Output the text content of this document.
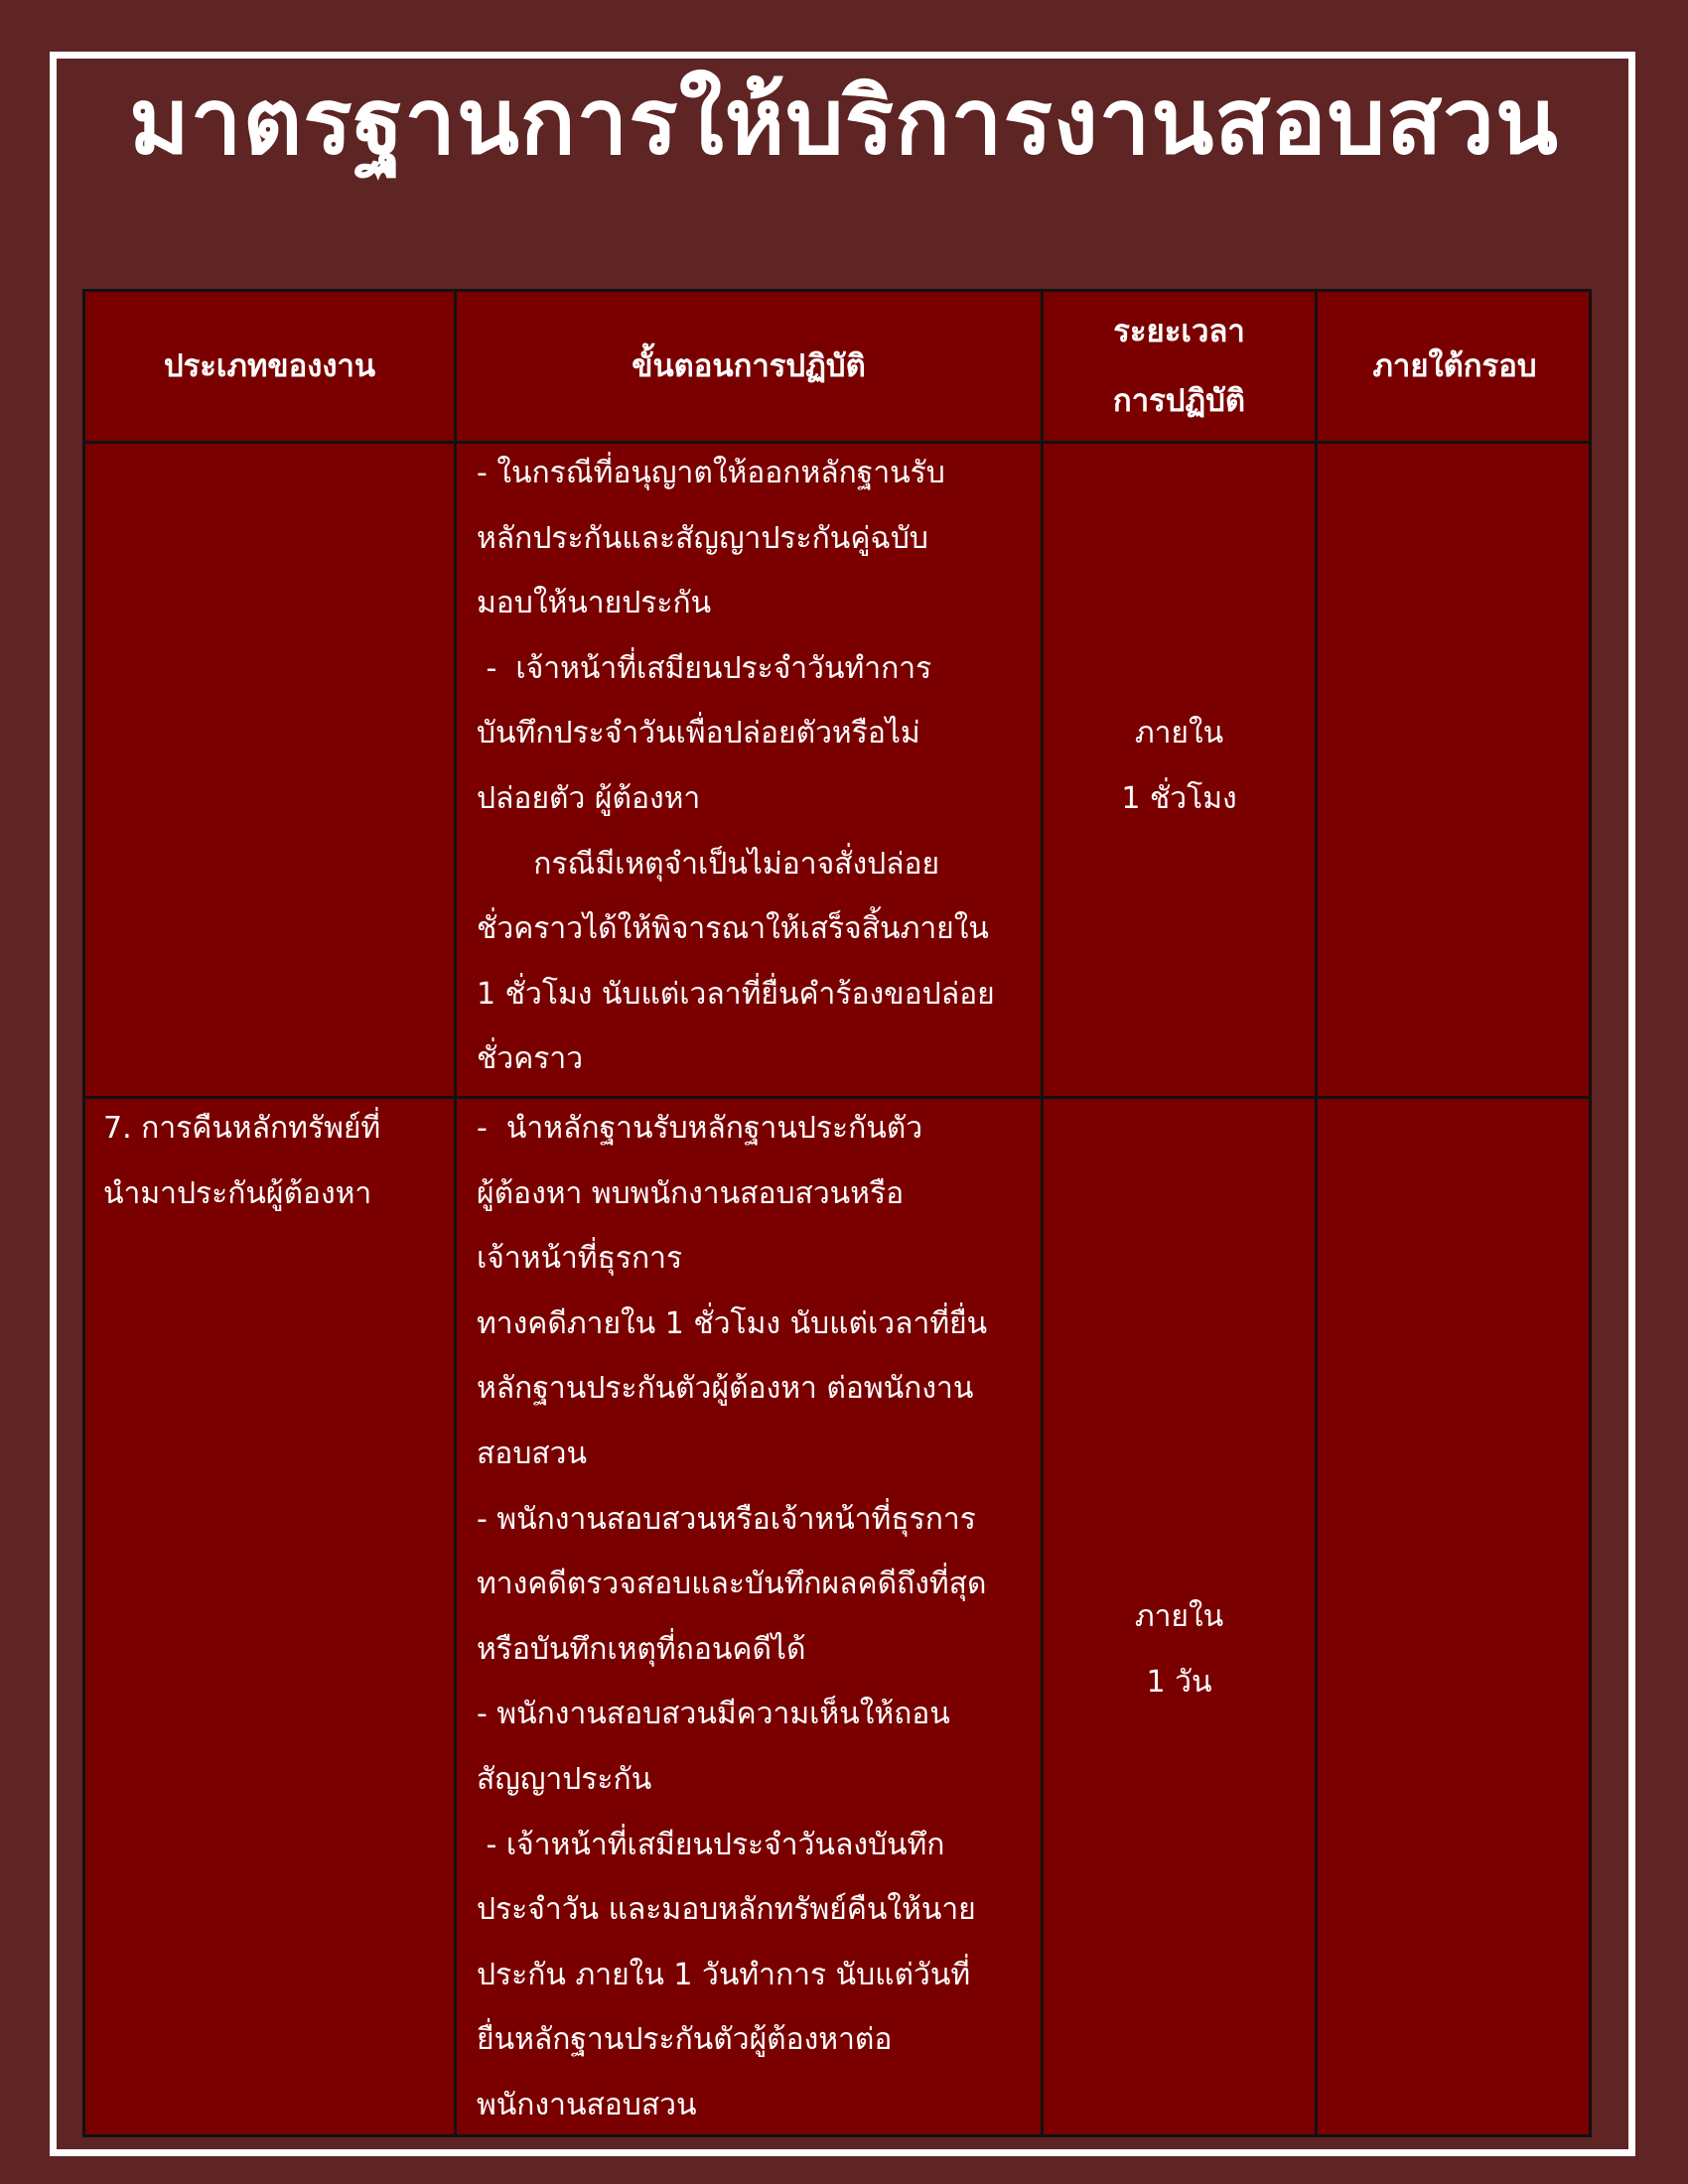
มาตรฐานการให้บริการงานสอบสวน
ประเภทของงาน	ขั้นตอนการปฏิบัติ
ระยะเวลา
การปฏิบัติ
ภายใต้กรอบ
- ในกรณีที่อนุญาตให้ออกหลักฐานรับ
หลักประกันและสัญญาประกันคู่ฉบับ
มอบให้นายประกัน
-  เจ้าหน้าที่เสมียนประจำวันทำการ
บันทึกประจำวันเพื่อปล่อยตัวหรือไม่
ปล่อยตัว ผู้ต้องหา
กรณีมีเหตุจำเป็นไม่อาจสั่งปล่อย
ชั่วคราวได้ให้พิจารณาให้เสร็จสิ้นภายใน
1 ชั่วโมง นับแต่เวลาที่ยื่นคำร้องขอปล่อย
ชั่วคราว
ภายใน
1 ชั่วโมง
7. การคืนหลักทรัพย์ที่
นำมาประกันผู้ต้องหา
-  นำหลักฐานรับหลักฐานประกันตัว
ผู้ต้องหา พบพนักงานสอบสวนหรือ
เจ้าหน้าที่ธุรการ
ทางคดีภายใน 1 ชั่วโมง นับแต่เวลาที่ยื่น
หลักฐานประกันตัวผู้ต้องหา ต่อพนักงาน
สอบสวน
- พนักงานสอบสวนหรือเจ้าหน้าที่ธุรการ
ทางคดีตรวจสอบและบันทึกผลคดีถึงที่สุด
หรือบันทึกเหตุที่ถอนคดีได้
- พนักงานสอบสวนมีความเห็นให้ถอน
สัญญาประกัน
- เจ้าหน้าที่เสมียนประจำวันลงบันทึก
ประจำวัน และมอบหลักทรัพย์คืนให้นาย
ประกัน ภายใน 1 วันทำการ นับแต่วันที่
ยื่นหลักฐานประกันตัวผู้ต้องหาต่อ
พนักงานสอบสวน
ภายใน
1 วัน
